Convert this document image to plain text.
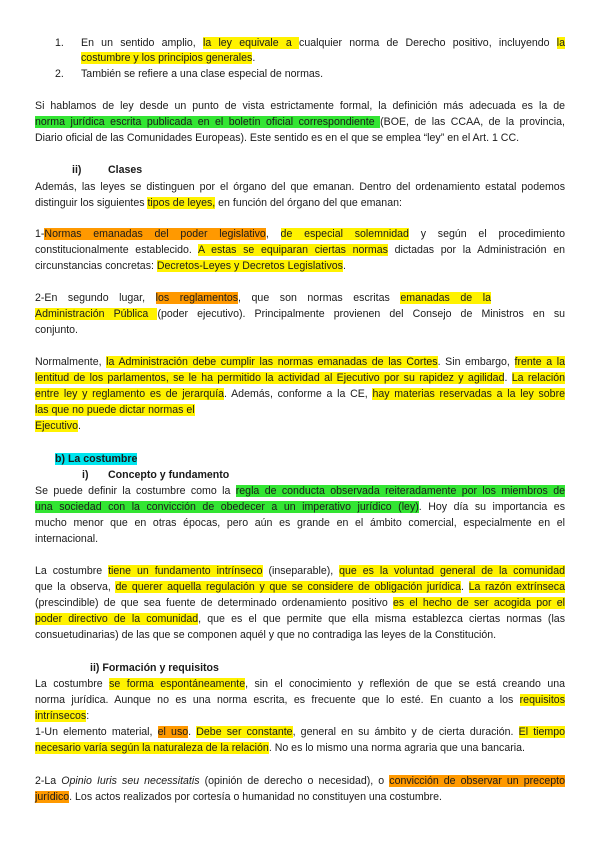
1. En un sentido amplio, la ley equivale a cualquier norma de Derecho positivo, incluyendo la
costumbre y los principios generales.
2. También se refiere a una clase especial de normas.
Si hablamos de ley desde un punto de vista estrictamente formal, la definición más adecuada es la de
norma jurídica escrita publicada en el boletín oficial correspondiente (BOE, de las CCAA, de la provincia,
Diario oficial de las Comunidades Europeas). Este sentido es en el que se emplea “ley” en el Art. 1 CC.
ii)	Clases
Además, las leyes se distinguen por el órgano del que emanan. Dentro del ordenamiento estatal podemos
distinguir los siguientes tipos de leyes, en función del órgano del que emanan:
1-Normas emanadas del poder legislativo, de especial solemnidad y según el procedimiento
constitucionalmente establecido. A estas se equiparan ciertas normas dictadas por la Administración en
circunstancias concretas: Decretos-Leyes y Decretos Legislativos.
2-En segundo lugar, los reglamentos, que son normas escritas emanadas de la
Administración Pública (poder ejecutivo). Principalmente provienen del Consejo de Ministros en su
conjunto.
Normalmente, la Administración debe cumplir las normas emanadas de las Cortes. Sin embargo, frente a la
lentitud de los parlamentos, se le ha permitido la actividad al Ejecutivo por su rapidez y agilidad. La relación
entre ley y reglamento es de jerarquía. Además, conforme a la CE, hay materias reservadas a la ley sobre
las que no puede dictar normas el
Ejecutivo.
b) La costumbre
i) Concepto y fundamento
Se puede definir la costumbre como la regla de conducta observada reiteradamente por los miembros de
una sociedad con la convicción de obedecer a un imperativo jurídico (ley). Hoy día su importancia es
mucho menor que en otras épocas, pero aún es grande en el ámbito comercial, especialmente en el
internacional.
La costumbre tiene un fundamento intrínseco (inseparable), que es la voluntad general de la comunidad
que la observa, de querer aquella regulación y que se considere de obligación jurídica. La razón extrínseca
(prescindible) de que sea fuente de determinado ordenamiento positivo es el hecho de ser acogida por el
poder directivo de la comunidad, que es el que permite que ella misma establezca ciertas normas (las
consuetudinarias) de las que se componen aquél y que no contradiga las leyes de la Constitución.
ii) Formación y requisitos
La costumbre se forma espontáneamente, sin el conocimiento y reflexión de que se está creando una
norma jurídica. Aunque no es una norma escrita, es frecuente que lo esté. En cuanto a los requisitos
intrínsecos:
1-Un elemento material, el uso. Debe ser constante, general en su ámbito y de cierta duración. El tiempo
necesario varía según la naturaleza de la relación. No es lo mismo una norma agraria que una bancaria.
2-La Opinio Iuris seu necessitatis (opinión de derecho o necesidad), o convicción de observar un precepto
jurídico. Los actos realizados por cortesía o humanidad no constituyen una costumbre.
